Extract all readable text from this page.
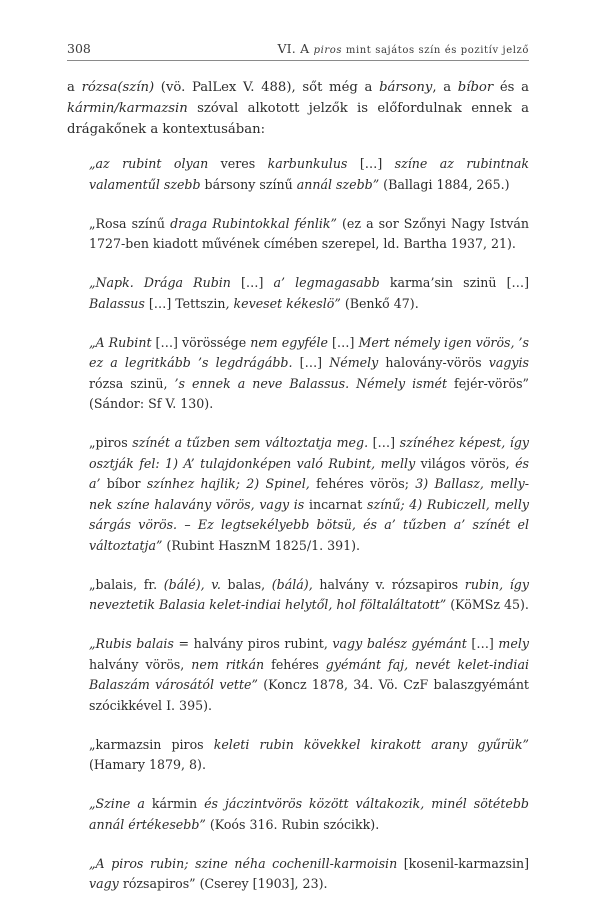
308	VI. A piros mint sajátos szín és pozitív jelző

a rózsa(szín) (vö. PalLex V. 488), sőt még a bársony, a bíbor és a kármin/karmazsin szóval alkotott jelzők is előfordulnak ennek a drágakőnek a kontextusában:

„az rubint olyan veres karbunkulus […] színe az rubintnak valamentűl szebb bársony színű annál szebb” (Ballagi 1884, 265.)

„Rosa színű draga Rubintokkal fénlik” (ez a sor Szőnyi Nagy István 1727-ben kiadott művének címében szerepel, ld. Bartha 1937, 21).

„Napk. Drága Rubin […] a’ legmagasabb karma’sin szinü […] Balassus […] Tettszin, keveset kékeslö” (Benkő 47).

„A Rubint […] vörössége nem egyféle […] Mert némely igen vörös, ’s ez a legritkább ’s legdrágább. […] Némely halovány-vörös vagyis rózsa szinü, ’s ennek a neve Balassus. Némely ismét fejér-vörös” (Sándor: Sf V. 130).

„piros színét a tűzben sem változtatja meg. […] színéhez képest, így osztják fel: 1) A’ tulajdonképen való Rubint, melly világos vörös, és a’ bíbor színhez hajlik; 2) Spinel, fehéres vörös; 3) Ballasz, melly-nek színe halavány vörös, vagy is incarnat színű; 4) Rubiczell, melly sárgás vörös. – Ez legtsekélyebb bötsü, és a’ tűzben a’ színét el változtatja” (Rubint HasznM 1825/1. 391).

„balais, fr. (bálé), v. balas, (bálá), halvány v. rózsapiros rubin, így neveztetik Balasia kelet-indiai helytől, hol föltaláltatott” (KöMSz 45).

„Rubis balais = halvány piros rubint, vagy balész gyémánt […] mely halvány vörös, nem ritkán fehéres gyémánt faj, nevét kelet-indiai Balaszám városától vette” (Koncz 1878, 34. Vö. CzF balaszgyémánt szócikkével I. 395).

„karmazsin piros keleti rubin kövekkel kirakott arany gyűrük” (Hamary 1879, 8).

„Szine a kármin és jáczintvörös között váltakozik, minél sötétebb annál értékesebb” (Koós 316. Rubin szócikk).

„A piros rubin; szine néha cochenill-karmoisin [kosenil-karmazsin] vagy rózsapiros” (Cserey [1903], 23).
